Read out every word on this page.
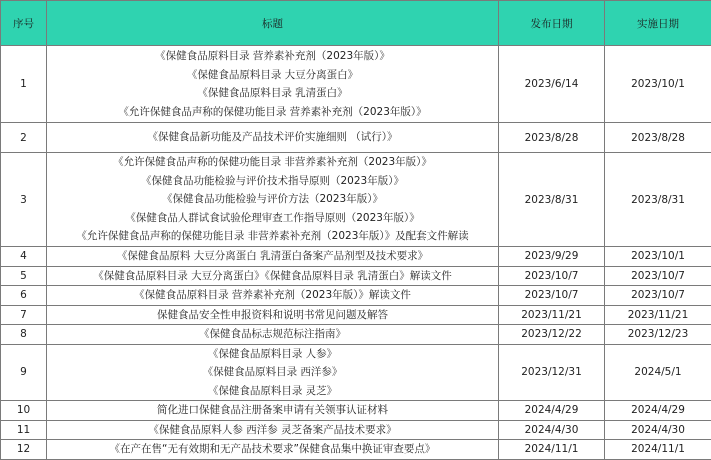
序号	标题	发布日期	实施日期
1	《保健食品原料目录 营养素补充剂（2023年版）》
《保健食品原料目录 大豆分离蛋白》
《保健食品原料目录 乳清蛋白》
《允许保健食品声称的保健功能目录 营养素补充剂（2023年版）》	2023/6/14	2023/10/1
2	《保健食品新功能及产品技术评价实施细则 （试行）》	2023/8/28	2023/8/28
3	《允许保健食品声称的保健功能目录 非营养素补充剂（2023年版）》
《保健食品功能检验与评价技术指导原则（2023年版）》
《保健食品功能检验与评价方法（2023年版）》
《保健食品人群试食试验伦理审查工作指导原则（2023年版）》
《允许保健食品声称的保健功能目录 非营养素补充剂（2023年版）》及配套文件解读	2023/8/31	2023/8/31
4	《保健食品原料 大豆分离蛋白 乳清蛋白备案产品剂型及技术要求》	2023/9/29	2023/10/1
5	《保健食品原料目录 大豆分离蛋白》《保健食品原料目录 乳清蛋白》解读文件	2023/10/7	2023/10/7
6	《保健食品原料目录 营养素补充剂（2023年版）》解读文件	2023/10/7	2023/10/7
7	保健食品安全性申报资料和说明书常见问题及解答	2023/11/21	2023/11/21
8	《保健食品标志规范标注指南》	2023/12/22	2023/12/23
9	《保健食品原料目录 人参》
《保健食品原料目录 西洋参》
《保健食品原料目录 灵芝》	2023/12/31	2024/5/1
10	简化进口保健食品注册备案申请有关领事认证材料	2024/4/29	2024/4/29
11	《保健食品原料人参 西洋参 灵芝备案产品技术要求》	2024/4/30	2024/4/30
12	《在产在售“无有效期和无产品技术要求”保健食品集中换证审查要点》	2024/11/1	2024/11/1
